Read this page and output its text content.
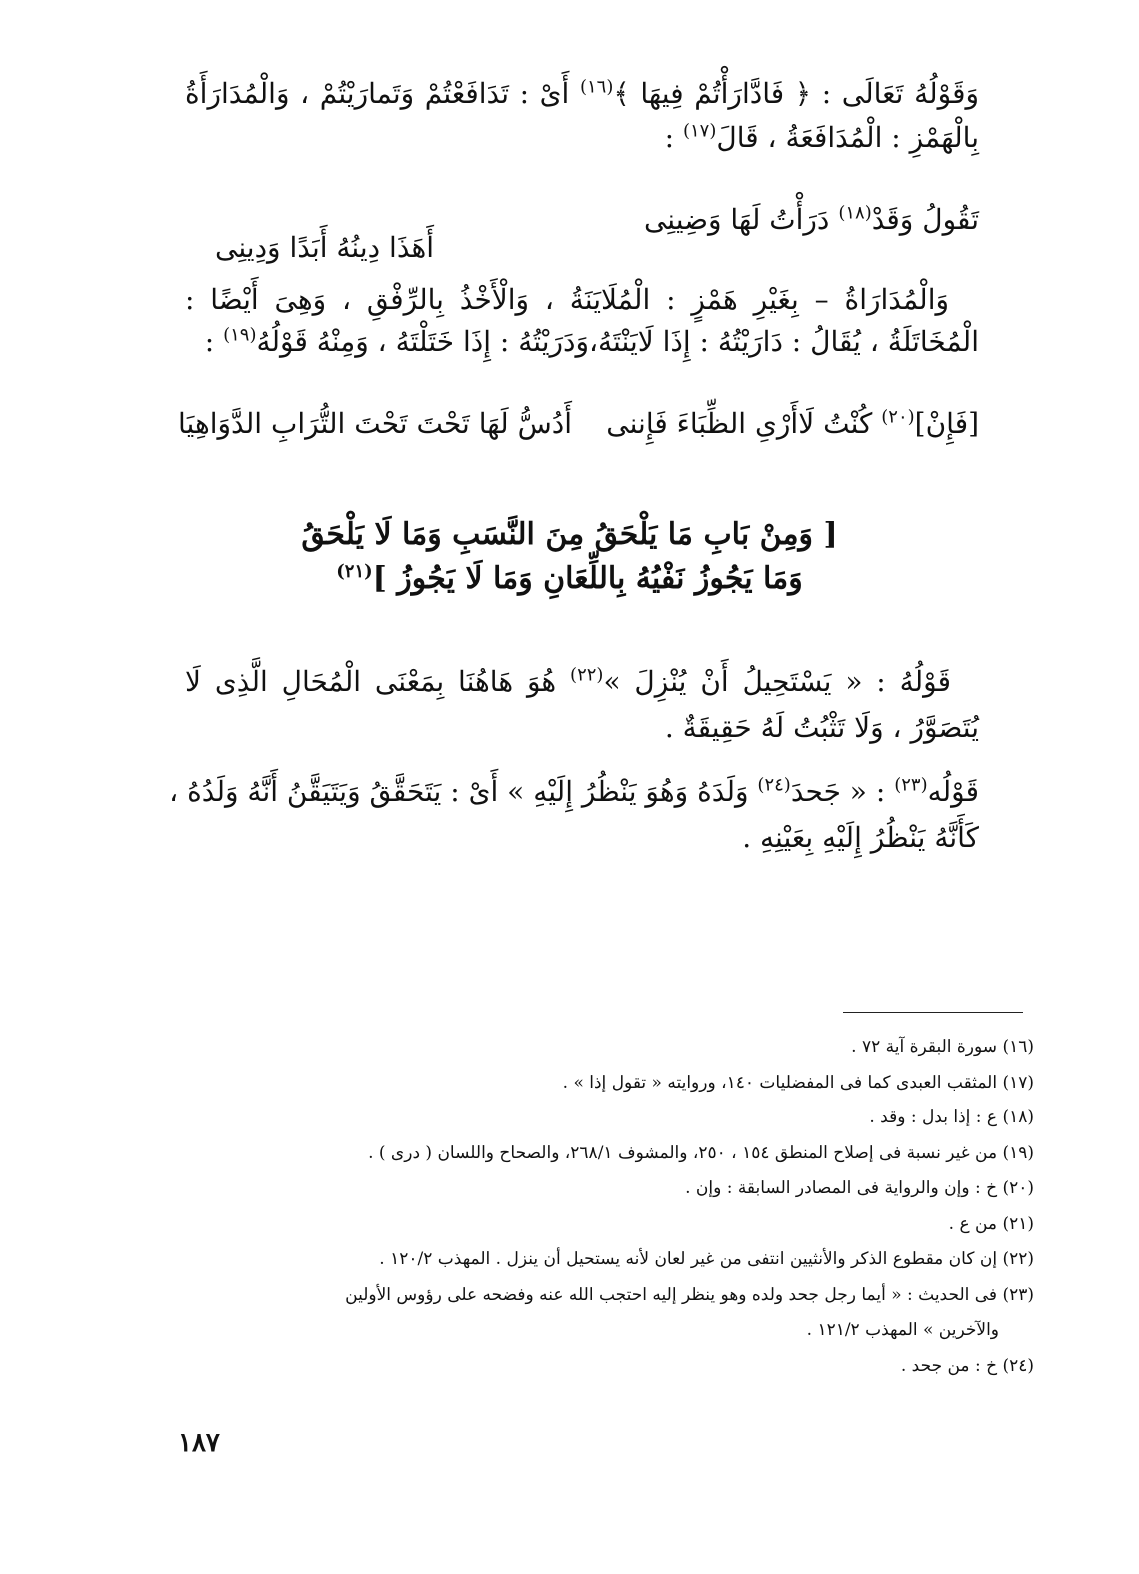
وَقَوْلُهُ تَعَالَى : ﴿ فَادَّارَأْتُمْ فِيهَا ﴾$^{(١٦)}$ أَىْ : تَدَافَعْتُمْ وَتَمارَيْتُمْ ، وَالْمُدَارَأَةُ
بِالْهَمْزِ : الْمُدَافَعَةُ ، قَالَ$^{(١٧)}$ :
تَقُولُ وَقَدْ$^{(١٨)}$ دَرَأْتُ لَهَا وَضِينِى
أَهَذَا دِينُهُ أَبَدًا وَدِينِى
وَالْمُدَارَاةُ – بِغَيْرِ هَمْزٍ : الْمُلَايَنَةُ ، وَالْأَخْذُ بِالرِّفْقِ ، وَهِىَ أَيْضًا :
الْمُخَاتَلَةُ ، يُقَالُ : دَارَيْتُهُ : إِذَا لَايَنْتَهُ،وَدَرَيْتُهُ : إِذَا خَتَلْتَهُ ، وَمِنْهُ قَوْلُهُ$^{(١٩)}$ :
[فَإِنْ]$^{(٢٠)}$ كُنْتُ لَاأَرْىِ الظِّبَاءَ فَإِننى
أَدُسُّ لَهَا تَحْتَ تَحْتَ التُّرَابِ الدَّوَاهِيَا
[ وَمِنْ بَابِ مَا يَلْحَقُ مِنَ النَّسَبِ وَمَا لَا يَلْحَقُ
وَمَا يَجُوزُ نَفْيُهُ بِاللِّعَانِ وَمَا لَا يَجُوزُ ]$^{(٢١)}$
قَوْلُهُ : « يَسْتَحِيلُ أَنْ يُنْزِلَ »$^{(٢٢)}$ هُوَ هَاهُنَا بِمَعْنَى الْمُحَالِ الَّذِى لَا
يُتَصَوَّرُ ، وَلَا تَثْبُتُ لَهُ حَقِيقَةٌ .
قَوْلُه$^{(٢٣)}$ : « جَحدَ$^{(٢٤)}$ وَلَدَهُ وَهُوَ يَنْظُرُ إِلَيْهِ » أَىْ : يَتَحَقَّقُ وَيَتَيَقَّنُ أَنَّهُ وَلَدُهُ ،
كَأَنَّهُ يَنْظُرُ إِلَيْهِ بِعَيْنِهِ .
(١٦) سورة البقرة آية ٧٢ .
(١٧) المثقب العبدى كما فى المفضليات ١٤٠، وروايته « تقول إذا » .
(١٨) ع : إذا بدل : وقد .
(١٩) من غير نسبة فى إصلاح المنطق ١٥٤ ، ٢٥٠، والمشوف ٢٦٨/١، والصحاح واللسان ( درى ) .
(٢٠) خ : وإن والرواية فى المصادر السابقة : وإن .
(٢١) من ع .
(٢٢) إن كان مقطوع الذكر والأنثيين انتفى من غير لعان لأنه يستحيل أن ينزل . المهذب ١٢٠/٢ .
(٢٣) فى الحديث : « أيما رجل جحد ولده وهو ينظر إليه احتجب الله عنه وفضحه على رؤوس الأولين
والآخرين » المهذب ١٢١/٢ .
(٢٤) خ : من جحد .
١٨٧
